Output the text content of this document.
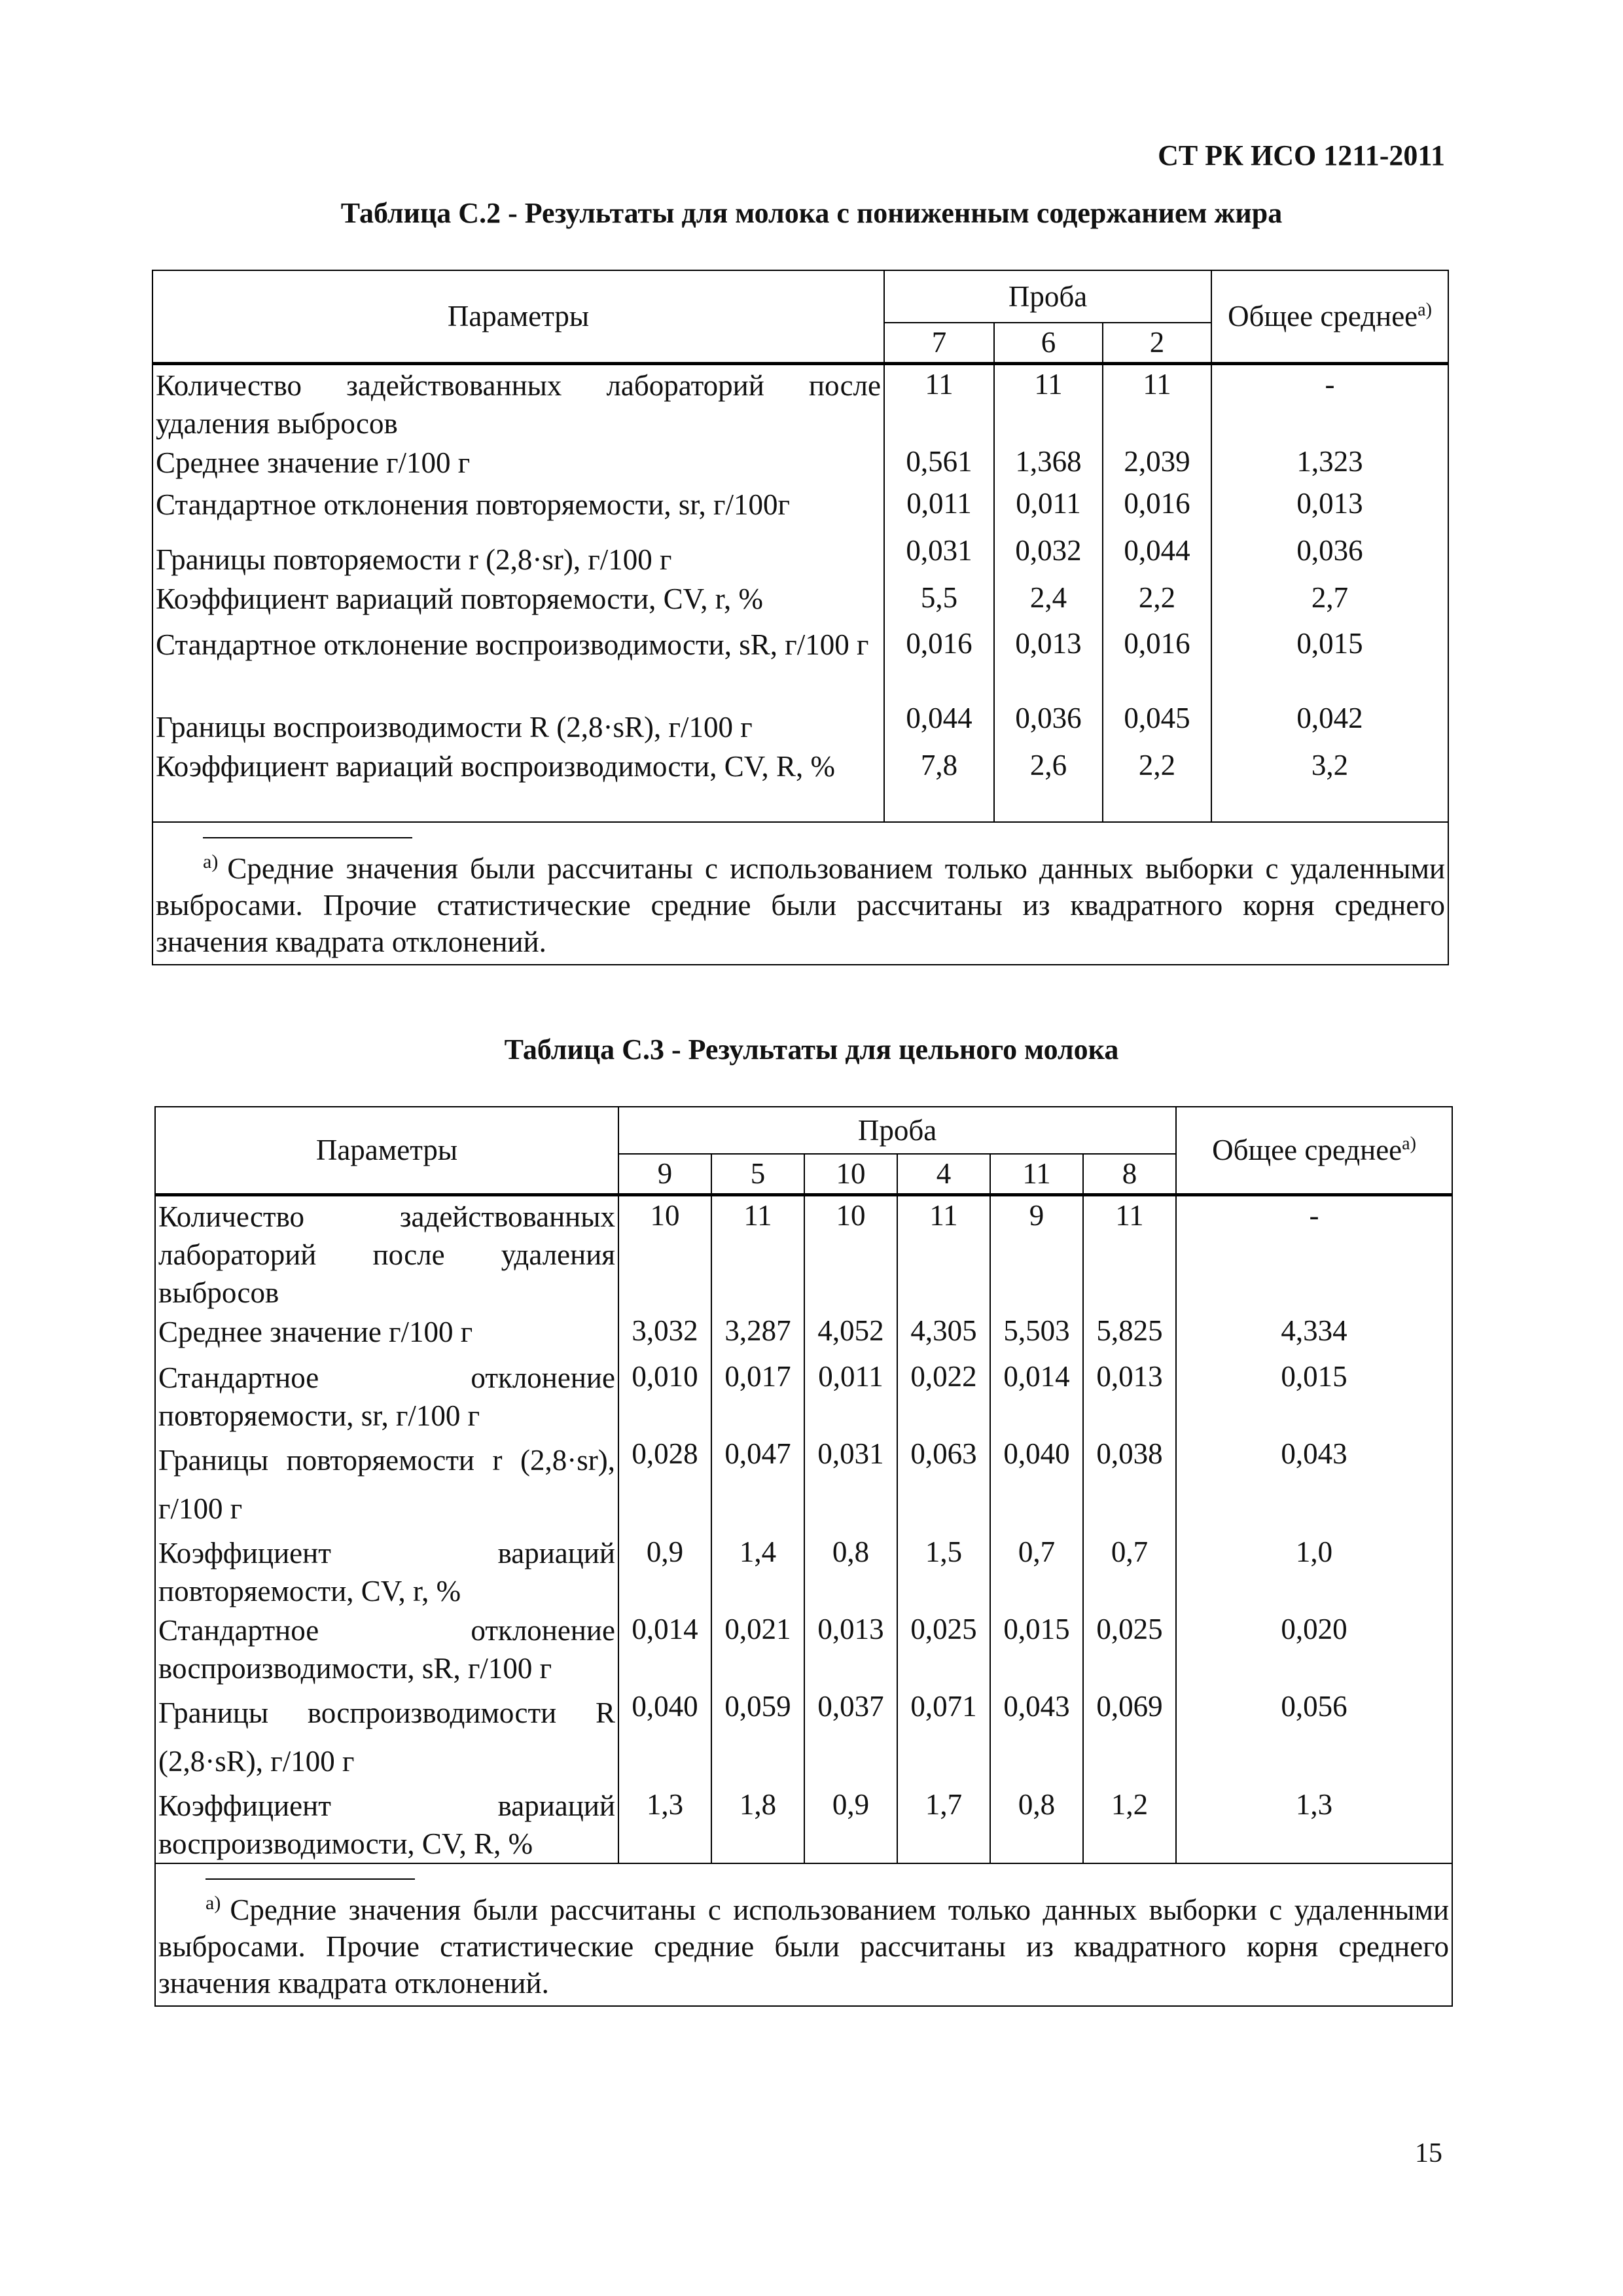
СТ РК ИСО 1211-2011
Таблица С.2 - Результаты для молока с пониженным содержанием жира
Параметры	Проба			Общее среднее$^{а)}$
	7	6	2	
Количество задействованных лабораторий после удаления выбросов	11	11	11	-
Среднее значение г/100 г	0,561	1,368	2,039	1,323
Стандартное отклонения повторяемости, sr, г/100г	0,011	0,011	0,016	0,013
Границы повторяемости r (2,8·sr), г/100 г	0,031	0,032	0,044	0,036
Коэффициент вариаций повторяемости, CV, r, %	5,5	2,4	2,2	2,7
Стандартное отклонение воспроизводимости, sR, г/100 г	0,016	0,013	0,016	0,015
Границы воспроизводимости R (2,8·sR), г/100 г	0,044	0,036	0,045	0,042
Коэффициент вариаций воспроизводимости, CV, R, %	7,8	2,6	2,2	3,2

$^{а)}$ Средние значения были рассчитаны с использованием только данных выборки с удаленными выбросами. Прочие статистические средние были рассчитаны из квадратного корня среднего значения квадрата отклонений.				
Таблица С.3 - Результаты для цельного молока
Параметры	Проба						Общее среднее$^{а)}$
	9	5	10	4	11	8	
Количество задействованных лабораторий после удаления выбросов	10	11	10	11	9	11	-
Среднее значение г/100 г	3,032	3,287	4,052	4,305	5,503	5,825	4,334
Стандартное отклонение повторяемости, sr, г/100 г	0,010	0,017	0,011	0,022	0,014	0,013	0,015
Границы повторяемости r (2,8·sr), г/100 г	0,028	0,047	0,031	0,063	0,040	0,038	0,043
Коэффициент вариаций повторяемости, CV, r, %	0,9	1,4	0,8	1,5	0,7	0,7	1,0
Стандартное отклонение воспроизводимости, sR, г/100 г	0,014	0,021	0,013	0,025	0,015	0,025	0,020
Границы воспроизводимости R (2,8·sR), г/100 г	0,040	0,059	0,037	0,071	0,043	0,069	0,056
Коэффициент вариаций воспроизводимости, CV, R, %	1,3	1,8	0,9	1,7	0,8	1,2	1,3

$^{а)}$ Средние значения были рассчитаны с использованием только данных выборки с удаленными выбросами. Прочие статистические средние были рассчитаны из квадратного корня среднего значения квадрата отклонений.							
15
